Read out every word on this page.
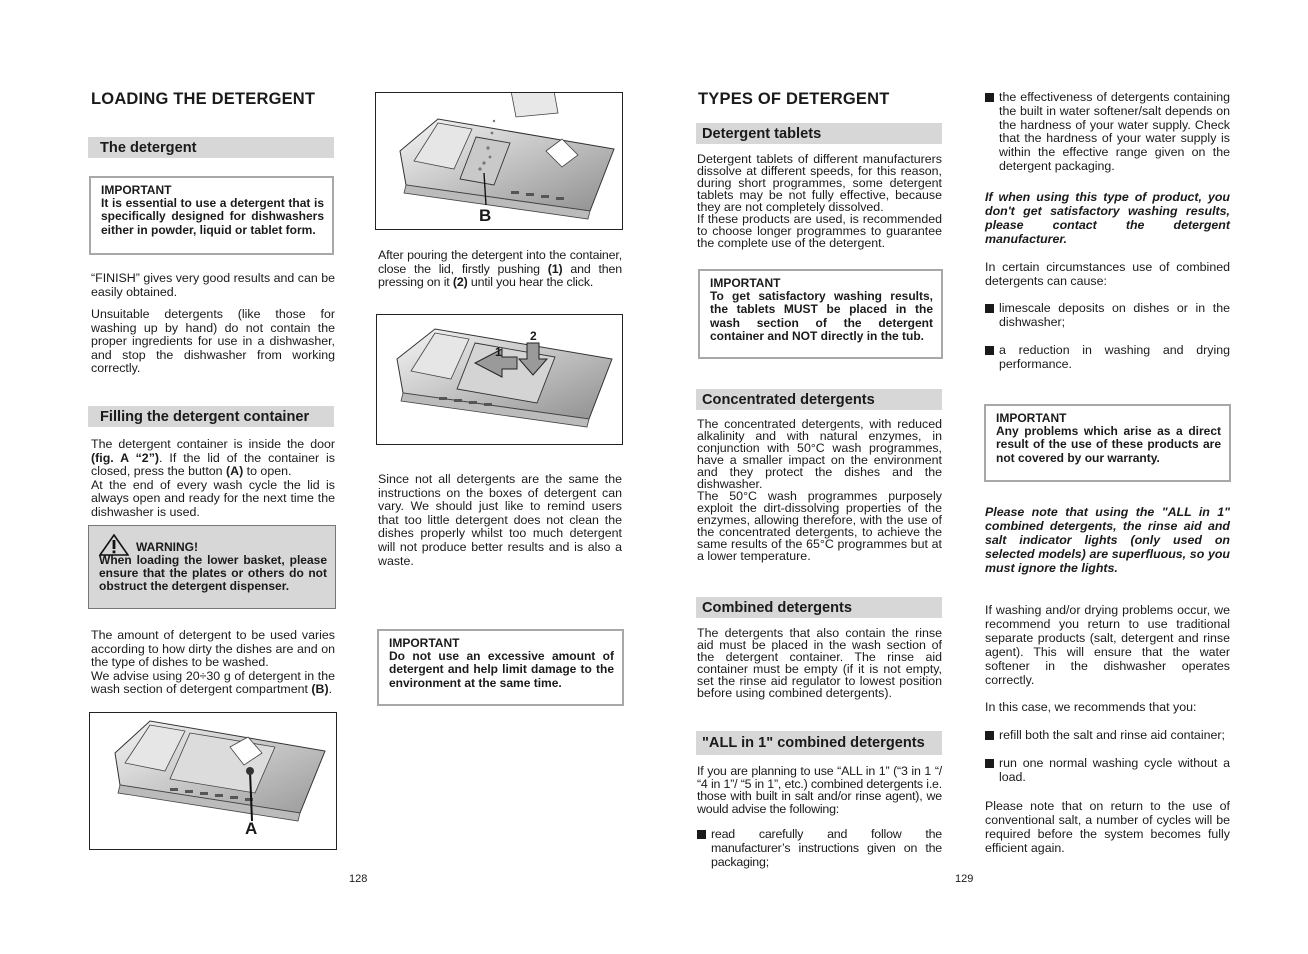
LOADING THE DETERGENT
The detergent
IMPORTANT
It is essential to use a detergent that is specifically designed for dishwashers either in powder, liquid or tablet form.

“FINISH” gives very good results and can be easily obtained.

Unsuitable detergents (like those for washing up by hand) do not contain the proper ingredients for use in a dishwasher, and stop the dishwasher from working correctly.

Filling the detergent container

The detergent container is inside the door (fig. A “2”). If the lid of the container is closed, press the button (A) to open.
At the end of every wash cycle the lid is always open and ready for the next time the dishwasher is used.

WARNING!
When loading the lower basket, please ensure that the plates or others do not obstruct the detergent dispenser.

The amount of detergent to be used varies according to how dirty the dishes are and on the type of dishes to be washed.
We advise using 20÷30 g of detergent in the wash section of detergent compartment (B).

A
128
B

After pouring the detergent into the container, close the lid, firstly pushing (1) and then pressing on it (2) until you hear the click.

1
2

Since not all detergents are the same the instructions on the boxes of detergent can vary. We should just like to remind users that too little detergent does not clean the dishes properly whilst too much detergent will not produce better results and is also a waste.

IMPORTANT
Do not use an excessive amount of detergent and help limit damage to the environment at the same time.
TYPES OF DETERGENT
Detergent tablets

Detergent tablets of different manufacturers dissolve at different speeds, for this reason, during short programmes, some detergent tablets may be not fully effective, because they are not completely dissolved.
If these products are used, is recommended to choose longer programmes to guarantee the complete use of the detergent.

IMPORTANT
To get satisfactory washing results, the tablets MUST be placed in the wash section of the detergent container and NOT directly in the tub.
Concentrated detergents

The concentrated detergents, with reduced alkalinity and with natural enzymes, in conjunction with 50°C wash programmes, have a smaller impact on the environment and they protect the dishes and the dishwasher.
The 50°C wash programmes purposely exploit the dirt-dissolving properties of the enzymes, allowing therefore, with the use of the concentrated detergents, to achieve the same results of the 65°C programmes but at a lower temperature.

Combined detergents

The detergents that also contain the rinse aid must be placed in the wash section of the detergent container. The rinse aid container must be empty (if it is not empty, set the rinse aid regulator to lowest position before using combined detergents).

"ALL in 1" combined detergents

If you are planning to use “ALL in 1” (“3 in 1 “/ “4 in 1”/ “5 in 1”, etc.) combined detergents i.e. those with built in salt and/or rinse agent), we would advise the following:

read carefully and follow the manufacturer’s instructions given on the packaging;
129
the effectiveness of detergents containing the built in water softener/salt depends on the hardness of your water supply. Check that the hardness of your water supply is within the effective range given on the detergent packaging.

If when using this type of product, you don't get satisfactory washing results, please contact the detergent manufacturer.

In certain circumstances use of combined detergents can cause:

limescale deposits on dishes or in the dishwasher;
a reduction in washing and drying performance.
IMPORTANT
Any problems which arise as a direct result of the use of these products are not covered by our warranty.

Please note that using the "ALL in 1" combined detergents, the rinse aid and salt indicator lights (only used on selected models) are superfluous, so you must ignore the lights.

If washing and/or drying problems occur, we recommend you return to use traditional separate products (salt, detergent and rinse agent). This will ensure that the water softener in the dishwasher operates correctly.

In this case, we recommends that you:

refill both the salt and rinse aid container;
run one normal washing cycle without a load.

Please note that on return to the use of conventional salt, a number of cycles will be required before the system becomes fully efficient again.
